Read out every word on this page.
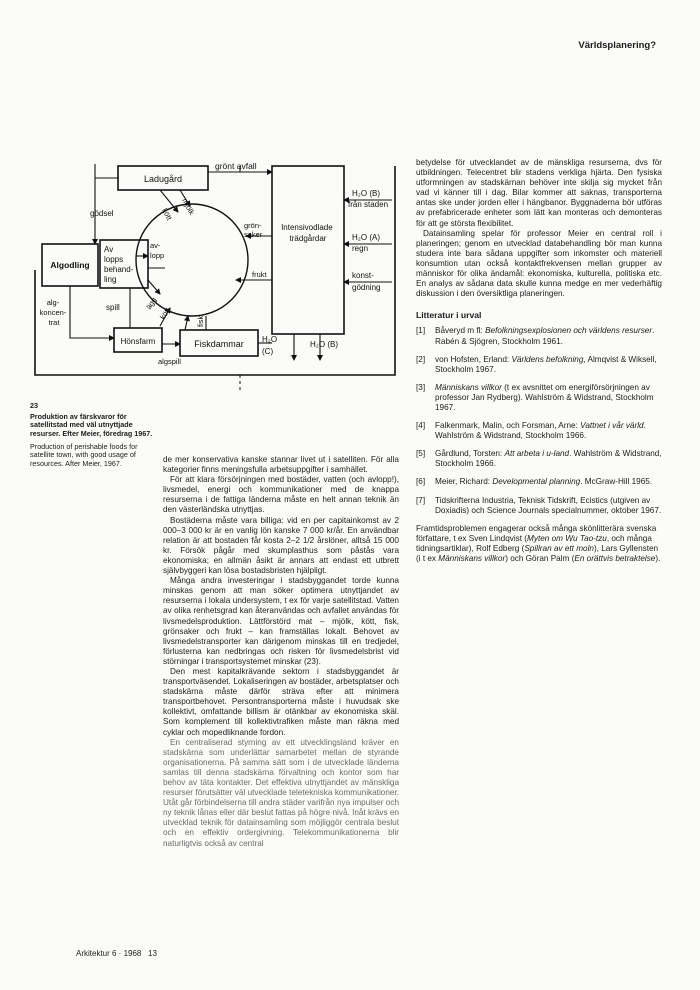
Världsplanering?
Ladugård
Algodling
Av lopps behand- ling
Hönsfarm	Fiskdammar
Intensivodlade trädgårdar
grönt avfall
gödsel	kött mjölk
grön- saker
av- lopp
frukt
spill	ägg
kött
fisk
alg- koncen- trat
algspill
H₂O (B) från staden
H₂O (A) regn
konst- gödning
H₂O (C)
H₂O (B)
23
Produktion av färskvaror för satellitstad med väl utnyttjade resurser. Efter Meier, föredrag 1967.
Production of perishable foods for satellite town, with good usage of resources. After Meier, 1967.	de mer konservativa kanske stannar livet ut i satelliten. För alla kategorier finns meningsfulla arbetsuppgifter i samhället.

För att klara försörjningen med bostäder, vatten (och avlopp!), livsmedel, energi och kommunikationer med de knappa resurserna i de fattiga länderna måste en helt annan teknik än den västerländska utnyttjas.

Bostäderna måste vara billiga: vid en per capitainkomst av 2 000–3 000 kr är en vanlig lön kanske 7 000 kr/år. En användbar relation är att bostaden får kosta 2–2 1/2 årslöner, alltså 15 000 kr. Försök pågår med skumplasthus som påstås vara ekonomiska; en allmän åsikt är annars att endast ett utbrett självbyggeri kan lösa bostadsbristen hjälpligt.

Många andra investeringar i stadsbyggandet torde kunna minskas genom att man söker optimera utnyttjandet av resurserna i lokala undersystem, t ex för varje satellitstad. Vatten av olika renhetsgrad kan återanvändas och avfallet användas för livsmedelsproduktion. Lättförstörd mat – mjölk, kött, fisk, grönsaker och frukt – kan framställas lokalt. Behovet av livsmedelstransporter kan därigenom minskas till en tredjedel, förlusterna kan nedbringas och risken för livsmedelsbrist vid störningar i transportsystemet minskar (23).

Den mest kapitalkrävande sektorn i stadsbyggandet är transportväsendet. Lokaliseringen av bostäder, arbetsplatser och stadskärna måste därför sträva efter att minimera transportbehovet. Persontransporterna måste i huvudsak ske kollektivt, omfattande billism är otänkbar av ekonomiska skäl. Som komplement till kollektivtrafiken måste man räkna med cyklar och mopedliknande fordon.

En centraliserad styrning av ett utvecklingsland kräver en stadskärna som underlättar samarbetet mellan de styrande organisationerna. På samma sätt som i de utvecklade länderna samlas till denna stadskärna förvaltning och kontor som har behov av täta kontakter. Det effektiva utnyttjandet av mänskliga resurser förutsätter väl utvecklade teletekniska kommunikationer. Utåt går förbindelserna till andra städer varifrån nya impulser och ny teknik lånas eller där beslut fattas på högre nivå. Inåt krävs en utvecklad teknik för datainsamling som möjliggör centrala beslut och en effektiv ordergivning. Telekommunikationerna blir naturligtvis också av central

betydelse för utvecklandet av de mänskliga resurserna, dvs för utbildningen. Telecentret blir stadens verkliga hjärta. Den fysiska utformningen av stadskärnan behöver inte skilja sig mycket från vad vi känner till i dag. Bilar kommer att saknas, transporterna antas ske under jorden eller i hängbanor. Byggnaderna bör utföras av prefabricerade enheter som lätt kan monteras och demonteras för att ge största flexibilitet.

Datainsamling spelar för professor Meier en central roll i planeringen; genom en utvecklad databehandling bör man kunna studera inte bara sådana uppgifter som inkomster och materiell konsumtion utan också kontaktfrekvensen mellan grupper av människor för olika ändamål: ekonomiska, kulturella, politiska etc. En analys av sådana data skulle kunna medge en mer vederhäftig diskussion i den översiktliga planeringen.

Litteratur i urval
[1]	Båveryd m fl: Befolkningsexplosionen och världens resurser. Rabén & Sjögren, Stockholm 1961.
[2]	von Hofsten, Erland: Världens befolkning, Almqvist & Wiksell, Stockholm 1967.
[3]	Människans villkor (t ex avsnittet om energiförsörjningen av professor Jan Rydberg). Wahlström & Widstrand, Stockholm 1967.
[4]	Falkenmark, Malin, och Forsman, Arne: Vattnet i vår värld. Wahlström & Widstrand, Stockholm 1966.
[5]	Gårdlund, Torsten: Att arbeta i u-land. Wahlström & Widstrand, Stockholm 1966.
[6]	Meier, Richard: Developmental planning. McGraw-Hill 1965.
[7]	Tidskrifterna Industria, Teknisk Tidskrift, Ecistics (utgiven av Doxiadis) och Science Journals specialnummer, oktober 1967.

Framtidsproblemen engagerar också många skönlitterära svenska författare, t ex Sven Lindqvist (Myten om Wu Tao-tzu, och många tidningsartiklar), Rolf Edberg (Spillran av ett moln), Lars Gyllensten (i t ex Människans villkor) och Göran Palm (En orättvis betraktelse).

Arkitektur 6 · 1968 13
